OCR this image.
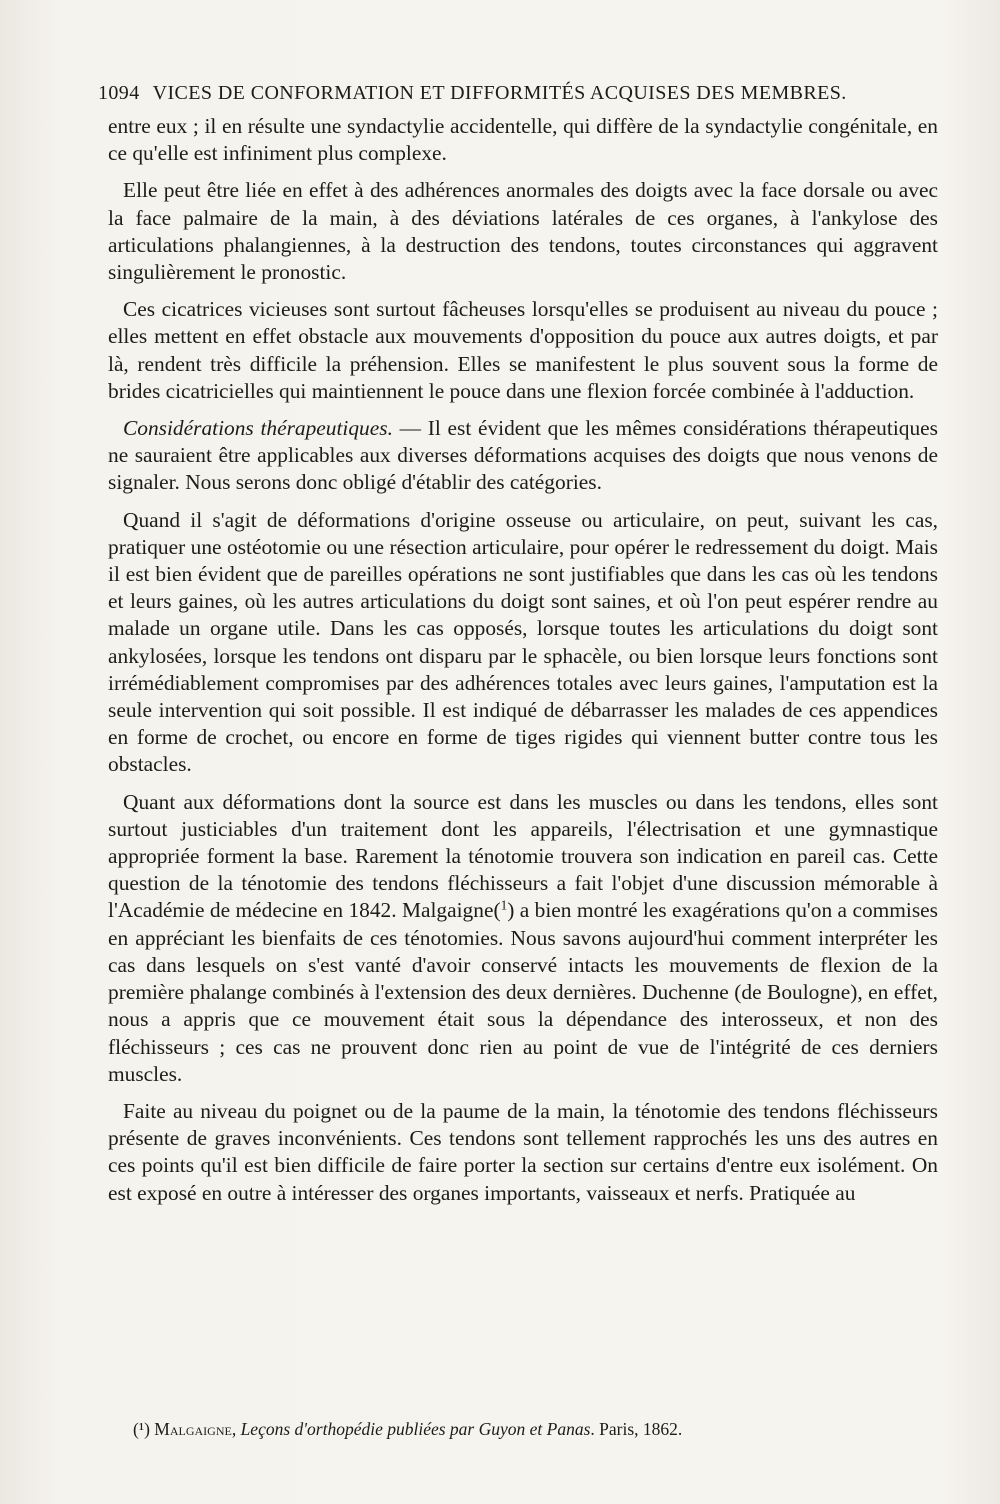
1094 VICES DE CONFORMATION ET DIFFORMITÉS ACQUISES DES MEMBRES.

entre eux ; il en résulte une syndactylie accidentelle, qui diffère de la syndactylie congénitale, en ce qu'elle est infiniment plus complexe.

Elle peut être liée en effet à des adhérences anormales des doigts avec la face dorsale ou avec la face palmaire de la main, à des déviations latérales de ces organes, à l'ankylose des articulations phalangiennes, à la destruction des tendons, toutes circonstances qui aggravent singulièrement le pronostic.

Ces cicatrices vicieuses sont surtout fâcheuses lorsqu'elles se produisent au niveau du pouce ; elles mettent en effet obstacle aux mouvements d'opposition du pouce aux autres doigts, et par là, rendent très difficile la préhension. Elles se manifestent le plus souvent sous la forme de brides cicatricielles qui maintiennent le pouce dans une flexion forcée combinée à l'adduction.

Considérations thérapeutiques. — Il est évident que les mêmes considérations thérapeutiques ne sauraient être applicables aux diverses déformations acquises des doigts que nous venons de signaler. Nous serons donc obligé d'établir des catégories.

Quand il s'agit de déformations d'origine osseuse ou articulaire, on peut, suivant les cas, pratiquer une ostéotomie ou une résection articulaire, pour opérer le redressement du doigt. Mais il est bien évident que de pareilles opérations ne sont justifiables que dans les cas où les tendons et leurs gaines, où les autres articulations du doigt sont saines, et où l'on peut espérer rendre au malade un organe utile. Dans les cas opposés, lorsque toutes les articulations du doigt sont ankylosées, lorsque les tendons ont disparu par le sphacèle, ou bien lorsque leurs fonctions sont irrémédiablement compromises par des adhérences totales avec leurs gaines, l'amputation est la seule intervention qui soit possible. Il est indiqué de débarrasser les malades de ces appendices en forme de crochet, ou encore en forme de tiges rigides qui viennent butter contre tous les obstacles.

Quant aux déformations dont la source est dans les muscles ou dans les tendons, elles sont surtout justiciables d'un traitement dont les appareils, l'électrisation et une gymnastique appropriée forment la base. Rarement la ténotomie trouvera son indication en pareil cas. Cette question de la ténotomie des tendons fléchisseurs a fait l'objet d'une discussion mémorable à l'Académie de médecine en 1842. Malgaigne($^1$) a bien montré les exagérations qu'on a commises en appréciant les bienfaits de ces ténotomies. Nous savons aujourd'hui comment interpréter les cas dans lesquels on s'est vanté d'avoir conservé intacts les mouvements de flexion de la première phalange combinés à l'extension des deux dernières. Duchenne (de Boulogne), en effet, nous a appris que ce mouvement était sous la dépendance des interosseux, et non des fléchisseurs ; ces cas ne prouvent donc rien au point de vue de l'intégrité de ces derniers muscles.

Faite au niveau du poignet ou de la paume de la main, la ténotomie des tendons fléchisseurs présente de graves inconvénients. Ces tendons sont tellement rapprochés les uns des autres en ces points qu'il est bien difficile de faire porter la section sur certains d'entre eux isolément. On est exposé en outre à intéresser des organes importants, vaisseaux et nerfs. Pratiquée au

(¹) Malgaigne, Leçons d'orthopédie publiées par Guyon et Panas. Paris, 1862.
